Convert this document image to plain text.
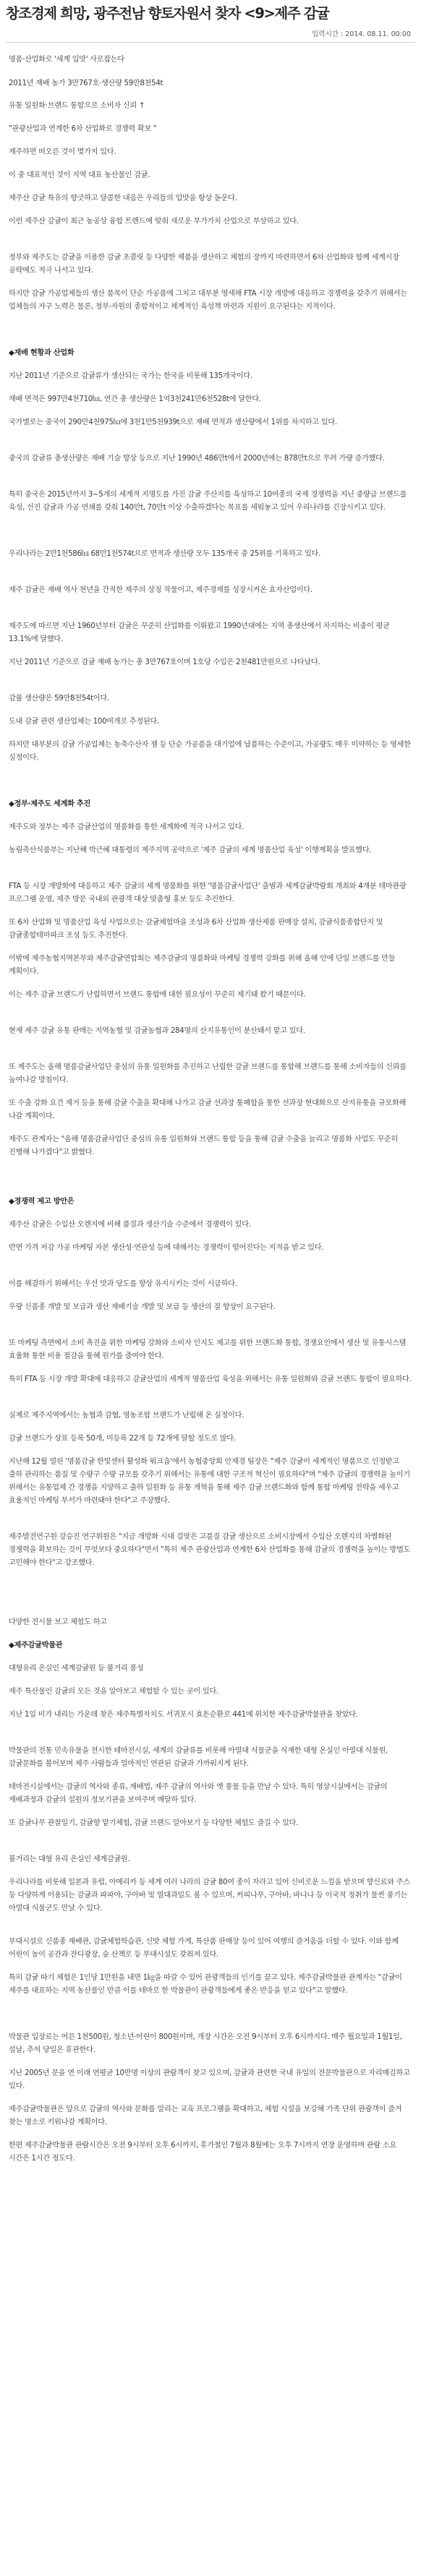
창조경제 희망, 광주전남 향토자원서 찾자 <9>제주 감귤
입력시간 : 2014. 08.11. 00:00

명품·산업화로 '세계 입맛' 사로잡는다

2011년 재배 농가 3만767호·생산량 59만8천54t

유통 일원화·브랜드 통합으로 소비자 신뢰 ↑

"관광산업과 연계한 6차 산업화로 경쟁력 확보 "

제주하면 떠오른 것이 몇가지 있다.

이 중 대표적인 것이 지역 대표 농산물인 감귤.

제주산 감귤 특유의 향긋하고 달콤한 내음은 우리들의 입맛을 항상 돋운다.

이런 제주산 감귤이 최근 농공상 융합 트렌드에 맞춰 새로운 부가가치 산업으로 부상하고 있다.

정부와 제주도는 감귤을 이용한 감귤 초콜릿 등 다양한 제품을 생산하고 체험의 장까지 마련하면서 6차 산업화와 함께 세계시장 공략에도 적극 나서고 있다.

하지만 감귤 가공업체들의 생산 품목이 단순 가공품에 그치고 대부분 영세해 FTA 시장 개방에 대응하고 경쟁력을 갖추기 위해서는 업체들의 자구 노력은 물론, 정부·자원의 종합적이고 체계적인 육성책 마련과 지원이 요구된다는 지적이다.

◆재배 현황과 산업화

지난 2011년 기준으로 감귤류가 생산되는 국가는 한국을 비롯해 135개국이다.

재배 면적은 997만4천710㏊, 연간 총 생산량은 1억3천241만6천528t에 달한다.

국가별로는 중국이 290만4천975㏊에 3천1만5천939t으로 재배 면적과 생산량에서 1위를 차지하고 있다.

중국의 감귤류 총생산량은 재배 기술 향상 등으로 지난 1990년 486만t에서 2000년에는 878만t으로 무려 가량 증가했다.

특히 중국은 2015년까지 3~5개의 세계적 지명도를 가진 감귤 주산지를 육성하고 10여종의 국제 경쟁력을 지닌 중량급 브랜드를 육성, 선진 감귤과 가공 연쇄를 갖춰 140만t, 70만t 이상 수출하겠다는 목표를 세워놓고 있어 우리나라를 긴장시키고 있다.

우리나라는 2만1천586㏊ 68만1천574t으로 면적과 생산량 모두 135개국 중 25위를 기록하고 있다.

제주 감귤은 재배 역사 천년을 간직한 제주의 상징 작물이고, 제주경제를 성장시켜온 효자산업이다.

제주도에 따르면 지난 1960년부터 감귤은 꾸준히 산업화를 이뤄왔고 1990년대에는 지역 총생산에서 차지하는 비중이 평균 13.1%에 달했다.

지난 2011년 기준으로 감귤 재배 농가는 총 3만767호이며 1호당 수입은 2천481만원으로 나타났다.

감률 생산량은 59만8천54t이다.

도내 감귤 관련 생산업체는 100여개로 추정된다.

하지만 대부분의 감귤 가공업체는 농축수산자 잼 등 단순 가공품을 대기업에 납품하는 수준이고, 가공량도 매우 미약하는 등 영세한 실정이다.

◆정부·제주도 세계화 추진

제주도와 정부는 제주 감귤산업의 명품화를 통한 세계화에 적극 나서고 있다.

농림축산식품부는 지난해 박근혜 대통령의 제주지역 공약으로 '제주 감귤의 세계 명품산업 육성' 이행계획을 발표했다.

FTA 등 시장 개방화에 대응하고 제주 감귤의 세계 명품화를 위한 '명품감귤사업단' 출범과 세계감귤박람회 개최와 4개분 테마관광 프로그램 운영, 제주 방문 국내외 관광객 대상 맞춤형 홍보 등도 추진한다.

또 6차 산업화 및 명품산업 육성 사업으로는 감귤체험마을 조성과 6차 산업화 생산제품 판매장 설치, 감귤식품종합단지 및 감귤종합테마파크 조성 등도 추진한다.

이밖에 제주농협지역본부와 제주감귤연합회는 제주감귤의 명품화와 마케팅 경쟁력 강화를 위해 올해 안에 단일 브랜드를 만들 계획이다.

이는 제주 감귤 브랜드가 난립하면서 브랜드 통합에 대한 필요성이 꾸준히 제기돼 왔기 때문이다.

현재 제주 감귤 유통 판매는 지역농협 및 감귤농협과 284명의 산지유통인이 분산돼서 맡고 있다.

또 제주도는 올해 명품감귤사업단 중심의 유통 일원화를 추진하고 난립한 감귤 브랜드를 통합해 브랜드를 통해 소비자들의 신뢰를 높여나갈 방침이다.

또 수출 강화 요건 제거 등을 통해 감귤 수출을 확대해 나가고 감귤 선과장 통폐합을 통한 선과장 현대화으로 산지유통을 규모화해 나갈 계획이다.

제주도 관계자는 "올해 명품감귤사업단 중심의 유통 일원화와 브랜드 통합 등을 통해 감귤 수출을 늘리고 명품화 사업도 꾸준히 진행해 나가겠다"고 밝혔다.

◆경쟁력 제고 방안은

제주산 감귤은 수입산 오렌지에 비해 품질과 생산기술 수준에서 경쟁력이 있다.

반면 가격 저감 가공 마케팅 자본 생산성·연관성 등에 대해서는 경쟁력이 떨어진다는 지적을 받고 있다.

이를 해결하기 위해서는 우선 맛과 당도를 향상 유지시키는 것이 시급하다.

우량 신품종 개발 및 보급과 생산 재배기술 개발 및 보급 등 생산의 질 향상이 요구된다.

또 마케팅 측면에서 소비 촉진을 위한 마케팅 강화와 소비자 인지도 제고를 위한 브랜드화 통합, 경쟁요인에서 생산 및 유통시스템 효율화 통한 비용 절감을 통해 원가를 줄여야 한다.

특히 FTA 등 시장 개방 확대에 대응하고 감귤산업의 세계적 명품산업 육성을 위해서는 유통 일원화와 감귤 브랜드 통합이 필요하다.

실제로 제주지역에서는 농협과 감협, 영농조합 브랜드가 난립해 온 실정이다.

감귤 브랜드가 상표 등록 50개, 미등록 22개 등 72개에 달할 정도로 많다.

지난해 12월 열린 '명품감귤 한빛센터 활성화 워크숍'에서 농협중앙회 안재경 팀장은 "제주 감귤이 세계적인 명품으로 인정받고 출하 관리하는 품질 및 수량구 수량 규모를 갖추기 위해서는 유통에 대한 구조적 혁신이 필요하다"며 "제주 감귤의 경쟁력을 높이기 위해서는 유통업체 간 경쟁을 지양하고 출하 일원화 등 유통 개혁을 통해 제주 감귤 브랜드화와 함께 통합 마케팅 전략을 세우고 효율적인 마케팅 부서가 마련돼야 한다"고 주장했다.

제주발전연구원 강승진 연구위원은 "지금 개방화 시대 걸맞은 고품질 감귤 생산으로 소비시장에서 수입산 오렌지의 차별화된 경쟁력을 확보하는 것이 무엇보다 중요하다"면서 "특히 제주 관광산업과 연계한 6차 산업화를 통해 감귤의 경쟁력을 높이는 방법도 고민해야 한다"고 강조했다.

다양한 전시물 보고 체험도 하고

◆제주감귤박물관

대형유리 온실인 세계감귤원 등 볼거리 풍성

제주 특산물인 감귤의 모든 것을 알아보고 체험할 수 있는 곳이 있다.

지난 1일 비가 내리는 가운데 찾은 제주특별자치도 서귀포시 효돈순환로 441에 위치한 제주감귤박물관을 찾았다.

박물관의 전통 민속유물을 전시한 테마전시실, 세계의 감귤류를 비롯해 아열대 식물군을 식재한 대형 온실인 아열대 식물원, 감귤문화를 볼어보며 제주 사람들과 얼마적인 연관된 감귤과 가까워지게 된다.

테마전시실에서는 감귤의 역사와 종류, 재배법, 제주 감귤의 역사와 옛 풍물 등을 만날 수 있다. 특히 영상시실에서는 감귤의 재배과정과 감귤의 설원의 정보기관을 보여주며 매달하 있다.

또 감귤나무 관찰일기, 감귤향 맡기체험, 감귤 브랜드 알아보기 등 다양한 체험도 즐길 수 있다.

볼거리는 대형 유리 온실인 세계감귤원.

우리나라를 비롯해 일본과 유럽, 아메리카 등 세계 여러 나라의 감귤 80여 종이 자라고 있어 신비로운 느낌을 받으며 향신료와 주스 등 다양하게 이용되는 감귤과 파파야, 구아바 및 열대과일도 볼 수 있으며, 커피나무, 구아바, 바나나 등 이국적 정취가 물씬 풍기는 아열대 식물군도 만날 수 있다.

부대시설로 신품종 재배관, 감귤체험학습관, 신맛 체험 가게, 특산품 판매장 등이 있어 여행의 즐거움을 더할 수 있다. 이와 함께 어린이 놀이 공간과 잔디광장, 숲 산책로 등 부대시설도 갖춰져 있다.

특히 감귤 따기 체험은 1인당 1만원을 내면 1㎏을 따갈 수 있어 관광객들의 인기를 끌고 있다. 제주감귤박물관 관계자는 "감귤이 제주를 대표하는 지역 농산물인 만큼 이를 테마로 한 박물관이 관광객들에게 좋은 반응을 얻고 있다"고 말했다.

박물관 입장료는 어른 1천500원, 청소년·어린이 800원이며, 개장 시간은 오전 9시부터 오후 6시까지다. 매주 월요일과 1월1일, 설날, 추석 당일은 휴관한다.

지난 2005년 문을 연 이래 연평균 10만명 이상의 관람객이 찾고 있으며, 감귤과 관련한 국내 유일의 전문박물관으로 자리매김하고 있다.

제주감귤박물관은 앞으로 감귤의 역사와 문화를 알리는 교육 프로그램을 확대하고, 체험 시설을 보강해 가족 단위 관광객이 즐겨 찾는 명소로 키워나갈 계획이다.

한편 제주감귤박물관 관람시간은 오전 9시부터 오후 6시까지, 휴가철인 7월과 8월에는 오후 7시까지 연장 운영하며 관람 소요 시간은 1시간 정도다.
